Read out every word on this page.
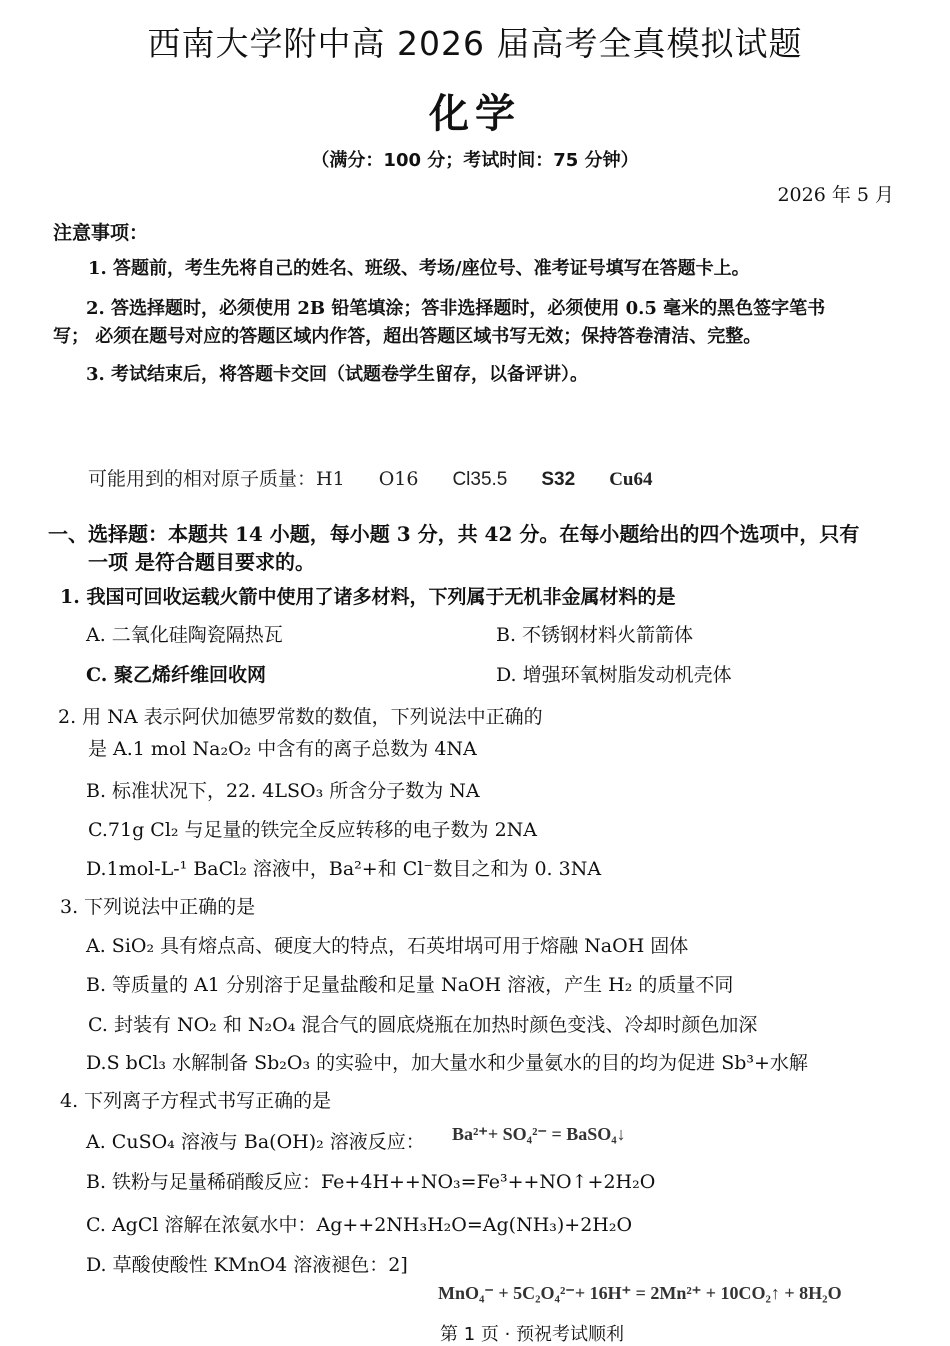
西南大学附中高 2026 届高考全真模拟试题
化学
（满分：100 分；考试时间：75 分钟）
2026 年 5 月
注意事项：
1. 答题前，考生先将自己的姓名、班级、考场/座位号、准考证号填写在答题卡上。
2. 答选择题时，必须使用 2B 铅笔填涂；答非选择题时，必须使用 0.5 毫米的黑色签字笔书
写； 必须在题号对应的答题区域内作答，超出答题区域书写无效；保持答卷清洁、完整。
3. 考试结束后，将答题卡交回（试题卷学生留存，以备评讲）。
可能用到的相对原子质量：H1 O16 Cl35.5 S32 Cu64
一、选择题：本题共 14 小题，每小题 3 分，共 42 分。在每小题给出的四个选项中，只有
一项 是符合题目要求的。
1. 我国可回收运载火箭中使用了诸多材料，下列属于无机非金属材料的是
A. 二氧化硅陶瓷隔热瓦	B. 不锈钢材料火箭箭体
C. 聚乙烯纤维回收网	D. 增强环氧树脂发动机壳体
2. 用 NA 表示阿伏加德罗常数的数值，下列说法中正确的
是 A.1 mol Na₂O₂ 中含有的离子总数为 4NA
B. 标准状况下，22. 4LSO₃ 所含分子数为 NA
C.71g Cl₂ 与足量的铁完全反应转移的电子数为 2NA
D.1mol-L-¹ BaCl₂ 溶液中，Ba²+和 Cl⁻数目之和为 0. 3NA
3. 下列说法中正确的是
A. SiO₂ 具有熔点高、硬度大的特点，石英坩埚可用于熔融 NaOH 固体
B. 等质量的 A1 分别溶于足量盐酸和足量 NaOH 溶液，产生 H₂ 的质量不同
C. 封装有 NO₂ 和 N₂O₄ 混合气的圆底烧瓶在加热时颜色变浅、冷却时颜色加深
D.S bCl₃ 水解制备 Sb₂O₃ 的实验中，加大量水和少量氨水的目的均为促进 Sb³+水解
4. 下列离子方程式书写正确的是
A. CuSO₄ 溶液与 Ba(OH)₂ 溶液反应： Ba²⁺+ SO₄²⁻ = BaSO₄↓
B. 铁粉与足量稀硝酸反应：Fe+4H++NO₃=Fe³++NO↑+2H₂O
C. AgCl 溶解在浓氨水中：Ag++2NH₃H₂O=Ag(NH₃)+2H₂O
D. 草酸使酸性 KMnO4 溶液褪色：2]
MnO₄⁻ + 5C₂O₄²⁻+ 16H⁺ = 2Mn²⁺ + 10CO₂↑ + 8H₂O
第 1 页 · 预祝考试顺利
